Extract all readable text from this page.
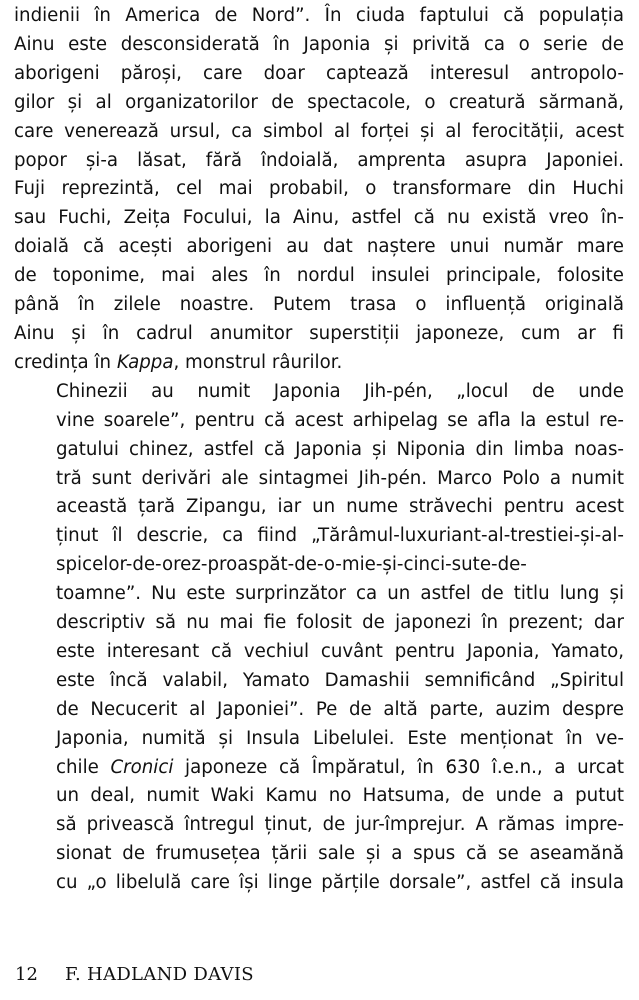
indienii în America de Nord”. În ciuda faptului că populația
Ainu este desconsiderată în Japonia și privită ca o serie de
aborigeni păroși, care doar captează interesul antropolo-
gilor și al organizatorilor de spectacole, o creatură sărmană,
care venerează ursul, ca simbol al forței și al ferocității, acest
popor și-a lăsat, fără îndoială, amprenta asupra Japoniei.
Fuji reprezintă, cel mai probabil, o transformare din Huchi
sau Fuchi, Zeița Focului, la Ainu, astfel că nu există vreo în-
doială că acești aborigeni au dat naștere unui număr mare
de toponime, mai ales în nordul insulei principale, folosite
până în zilele noastre. Putem trasa o influență originală
Ainu și în cadrul anumitor superstiții japoneze, cum ar fi
credința în Kappa, monstrul râurilor.

Chinezii au numit Japonia Jih-pén, „locul de unde
vine soarele”, pentru că acest arhipelag se afla la estul re-
gatului chinez, astfel că Japonia și Niponia din limba noas-
tră sunt derivări ale sintagmei Jih-pén. Marco Polo a numit
această țară Zipangu, iar un nume străvechi pentru acest
ținut îl descrie, ca fiind „Tărâmul-luxuriant-al-trestiei-și-al-
spicelor-de-orez-proaspăt-de-o-mie-și-cinci-sute-de-
toamne”. Nu este surprinzător ca un astfel de titlu lung și
descriptiv să nu mai fie folosit de japonezi în prezent; dar
este interesant că vechiul cuvânt pentru Japonia, Yamato,
este încă valabil, Yamato Damashii semnificând „Spiritul
de Necucerit al Japoniei”. Pe de altă parte, auzim despre
Japonia, numită și Insula Libelulei. Este menționat în ve-
chile Cronici japoneze că Împăratul, în 630 î.e.n., a urcat
un deal, numit Waki Kamu no Hatsuma, de unde a putut
să privească întregul ținut, de jur-împrejur. A rămas impre-
sionat de frumusețea țării sale și a spus că se aseamănă
cu „o libelulă care își linge părțile dorsale”, astfel că insula

12 F. HADLAND DAVIS
